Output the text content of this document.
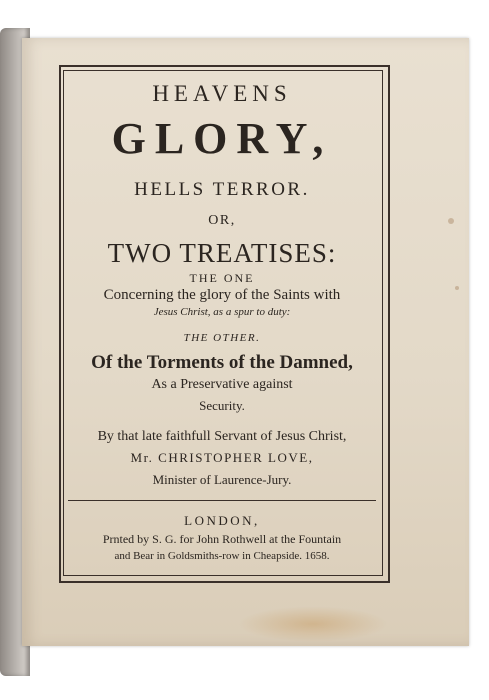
HEAVENS
GLORY,
HELLS TERROR.
OR,
TWO TREATISES:
THE ONE
Concerning the glory of the Saints with
Jesus Christ, as a spur to duty:
THE OTHER.
Of the Torments of the Damned,
As a Preservative against
Security.
By that late faithfull Servant of Jesus Christ,
Mr. CHRISTOPHER LOVE,
Minister of Laurence-Jury.
LONDON,
Prnted by S. G. for John Rothwell at the Fountain
and Bear in Goldsmiths-row in Cheapside. 1658.
